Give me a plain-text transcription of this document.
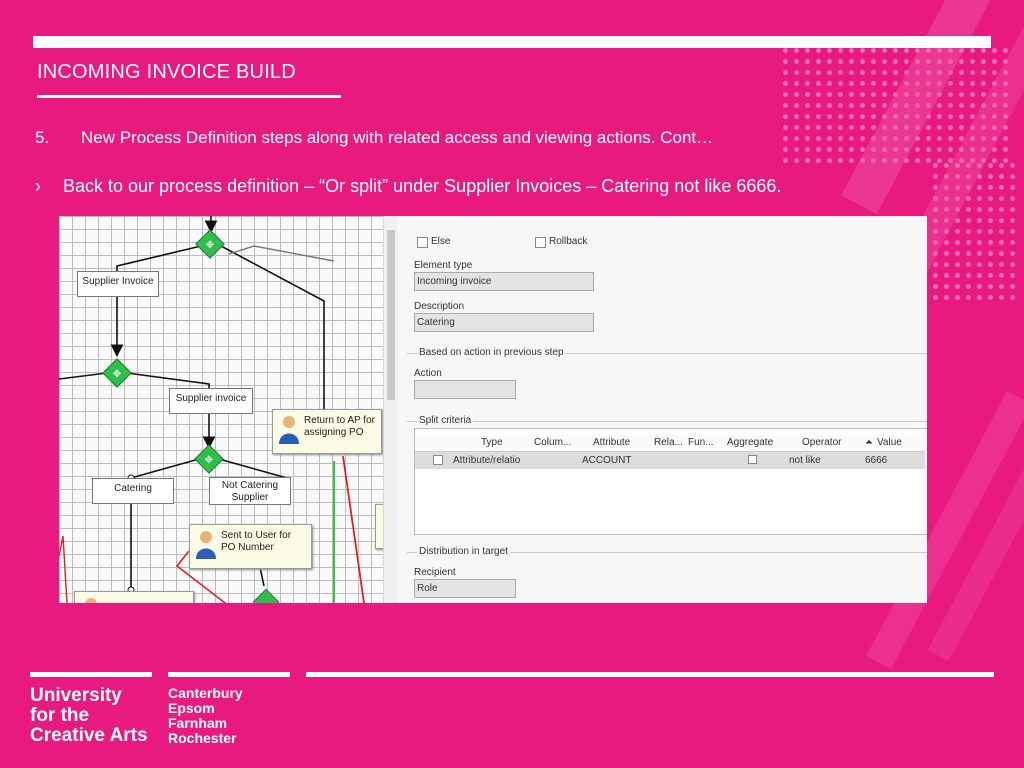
INCOMING INVOICE BUILD
5. New Process Definition steps along with related access and viewing actions. Cont…
› Back to our process definition – “Or split” under Supplier Invoices – Catering not like 6666.
✥
✥
✥
Supplier Invoice
Supplier invoice
Catering	Not Catering
Supplier
Return to AP for
assigning PO
Sent to User for
PO Number
Else	Rollback
Element type
Incoming invoice
Description
Catering
Based on action in previous step
Action
Split criteria
Type	Colum... Attribute Rela... Fun... Aggregate	Operator ⏶ Value
Attribute/relatio	ACCOUNT	not like	6666
Distribution in target
Recipient
Role
University
for the
Creative Arts
Canterbury
Epsom
Farnham
Rochester
